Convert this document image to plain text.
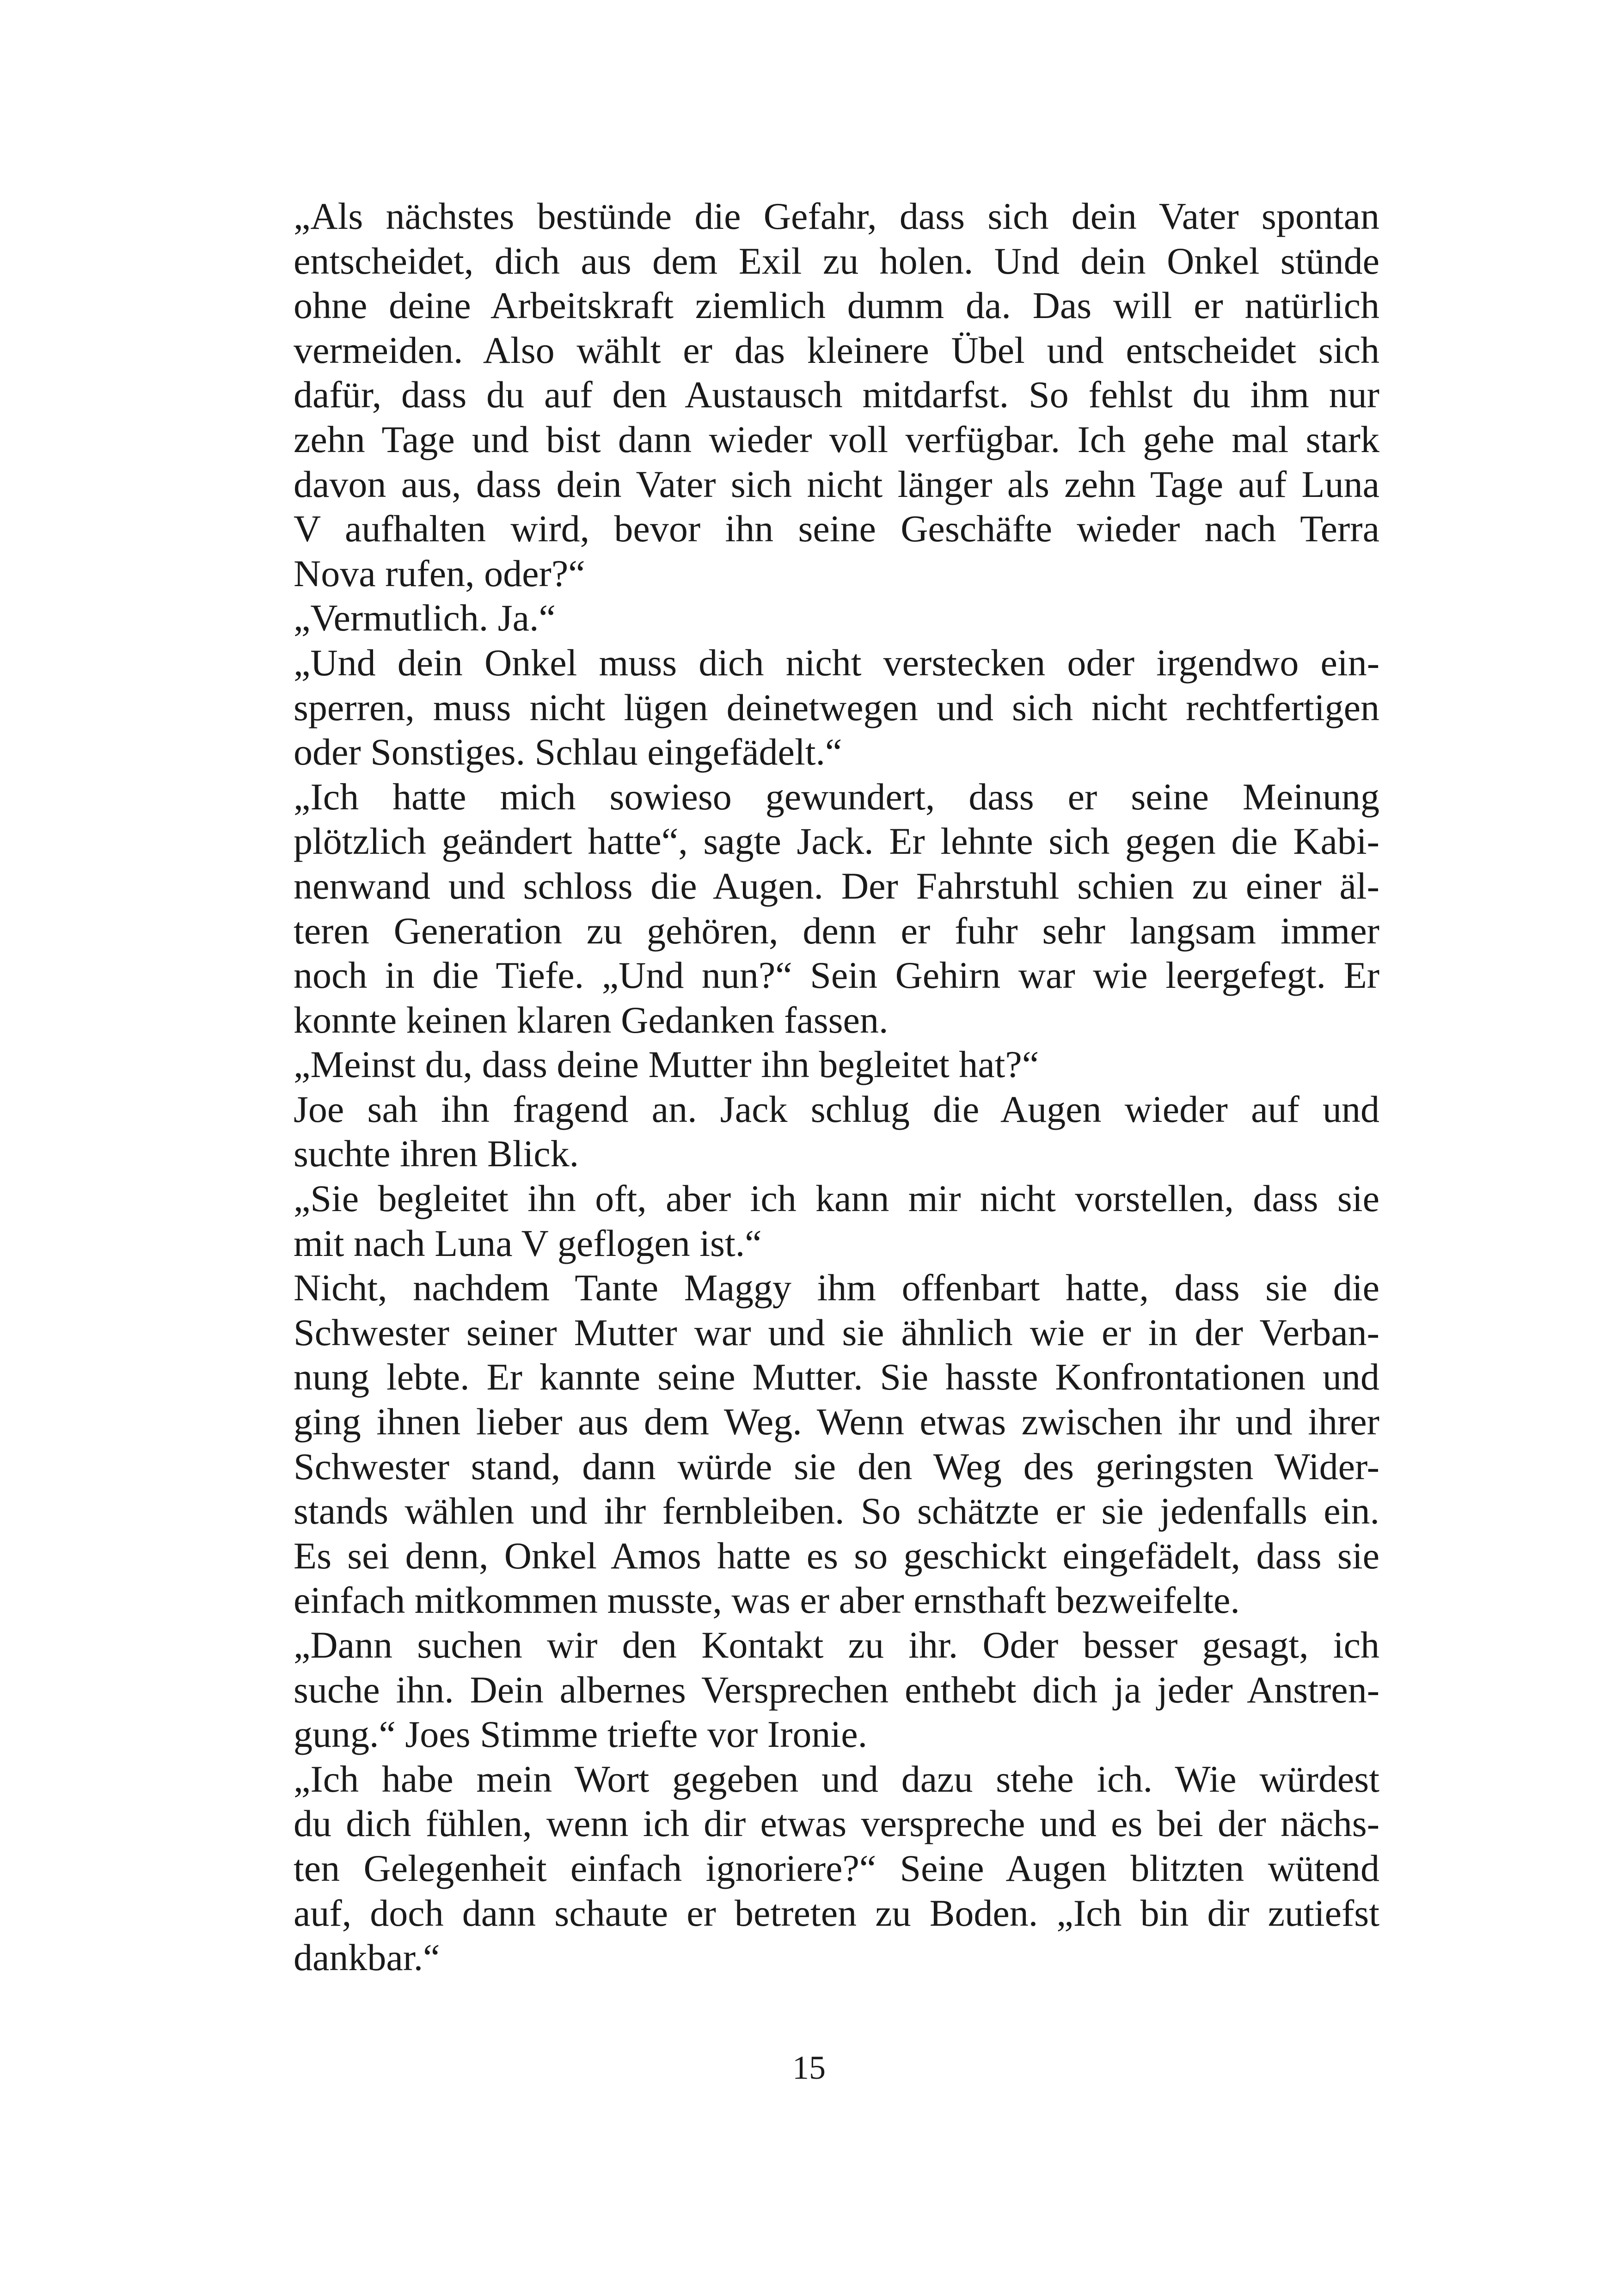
„Als nächstes bestünde die Gefahr, dass sich dein Vater spontan
entscheidet, dich aus dem Exil zu holen. Und dein Onkel stünde
ohne deine Arbeitskraft ziemlich dumm da. Das will er natürlich
vermeiden. Also wählt er das kleinere Übel und entscheidet sich
dafür, dass du auf den Austausch mitdarfst. So fehlst du ihm nur
zehn Tage und bist dann wieder voll verfügbar. Ich gehe mal stark
davon aus, dass dein Vater sich nicht länger als zehn Tage auf Luna
V aufhalten wird, bevor ihn seine Geschäfte wieder nach Terra
Nova rufen, oder?“

„Vermutlich. Ja.“

„Und dein Onkel muss dich nicht verstecken oder irgendwo ein-
sperren, muss nicht lügen deinetwegen und sich nicht rechtfertigen
oder Sonstiges. Schlau eingefädelt.“

„Ich hatte mich sowieso gewundert, dass er seine Meinung
plötzlich geändert hatte“, sagte Jack. Er lehnte sich gegen die Kabi-
nenwand und schloss die Augen. Der Fahrstuhl schien zu einer äl-
teren Generation zu gehören, denn er fuhr sehr langsam immer
noch in die Tiefe. „Und nun?“ Sein Gehirn war wie leergefegt. Er
konnte keinen klaren Gedanken fassen.

„Meinst du, dass deine Mutter ihn begleitet hat?“

Joe sah ihn fragend an. Jack schlug die Augen wieder auf und
suchte ihren Blick.

„Sie begleitet ihn oft, aber ich kann mir nicht vorstellen, dass sie
mit nach Luna V geflogen ist.“

Nicht, nachdem Tante Maggy ihm offenbart hatte, dass sie die
Schwester seiner Mutter war und sie ähnlich wie er in der Verban-
nung lebte. Er kannte seine Mutter. Sie hasste Konfrontationen und
ging ihnen lieber aus dem Weg. Wenn etwas zwischen ihr und ihrer
Schwester stand, dann würde sie den Weg des geringsten Wider-
stands wählen und ihr fernbleiben. So schätzte er sie jedenfalls ein.
Es sei denn, Onkel Amos hatte es so geschickt eingefädelt, dass sie
einfach mitkommen musste, was er aber ernsthaft bezweifelte.

„Dann suchen wir den Kontakt zu ihr. Oder besser gesagt, ich
suche ihn. Dein albernes Versprechen enthebt dich ja jeder Anstren-
gung.“ Joes Stimme triefte vor Ironie.

„Ich habe mein Wort gegeben und dazu stehe ich. Wie würdest
du dich fühlen, wenn ich dir etwas verspreche und es bei der nächs-
ten Gelegenheit einfach ignoriere?“ Seine Augen blitzten wütend
auf, doch dann schaute er betreten zu Boden. „Ich bin dir zutiefst
dankbar.“

15
